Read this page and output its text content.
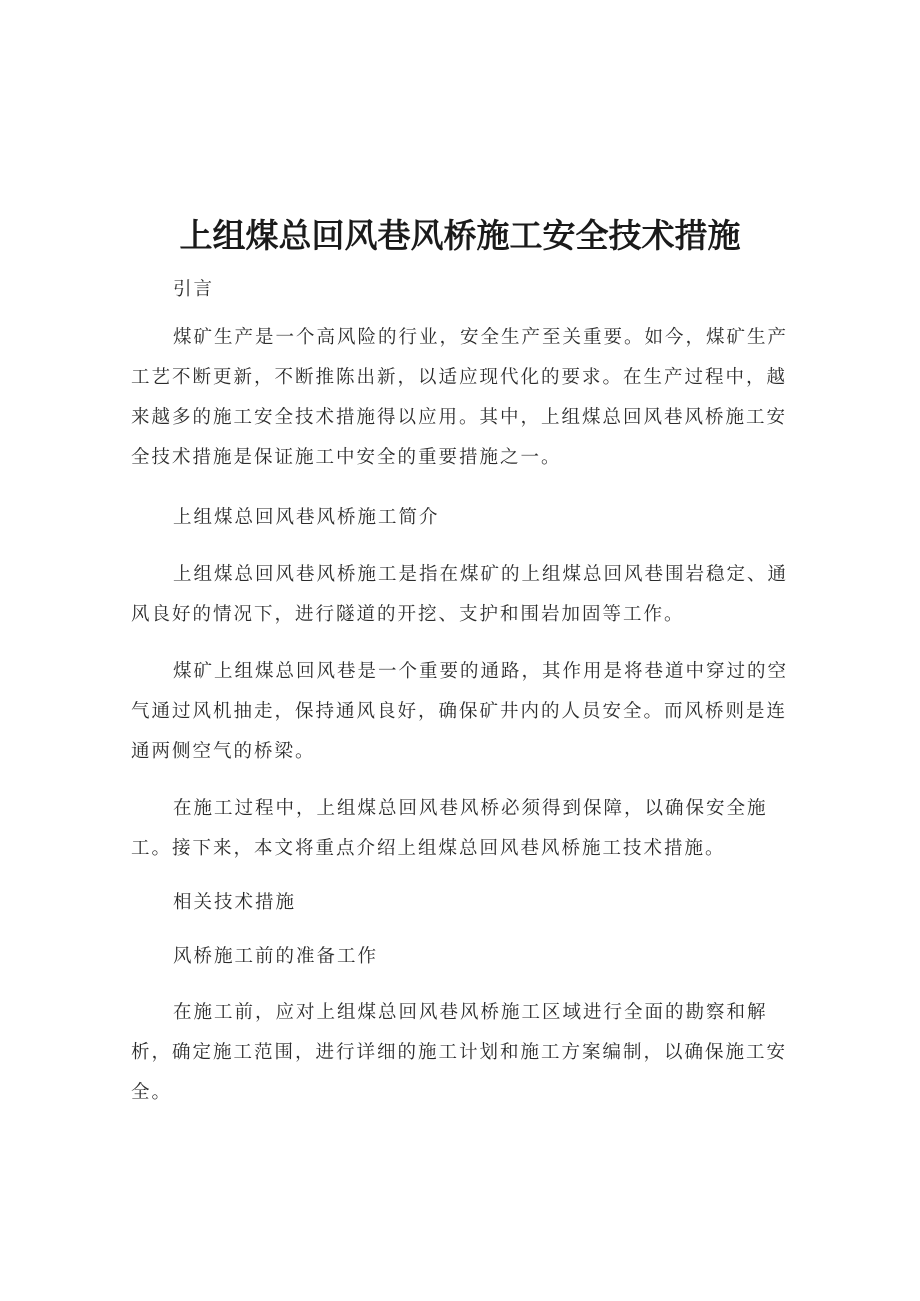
上组煤总回风巷风桥施工安全技术措施

引言

煤矿生产是一个高风险的行业，安全生产至关重要。如今，煤矿生产工艺不断更新，不断推陈出新，以适应现代化的要求。在生产过程中，越来越多的施工安全技术措施得以应用。其中，上组煤总回风巷风桥施工安全技术措施是保证施工中安全的重要措施之一。

上组煤总回风巷风桥施工简介

上组煤总回风巷风桥施工是指在煤矿的上组煤总回风巷围岩稳定、通风良好的情况下，进行隧道的开挖、支护和围岩加固等工作。

煤矿上组煤总回风巷是一个重要的通路，其作用是将巷道中穿过的空气通过风机抽走，保持通风良好，确保矿井内的人员安全。而风桥则是连通两侧空气的桥梁。

在施工过程中，上组煤总回风巷风桥必须得到保障，以确保安全施工。接下来，本文将重点介绍上组煤总回风巷风桥施工技术措施。

相关技术措施

风桥施工前的准备工作

在施工前，应对上组煤总回风巷风桥施工区域进行全面的勘察和解析，确定施工范围，进行详细的施工计划和施工方案编制，以确保施工安全。
